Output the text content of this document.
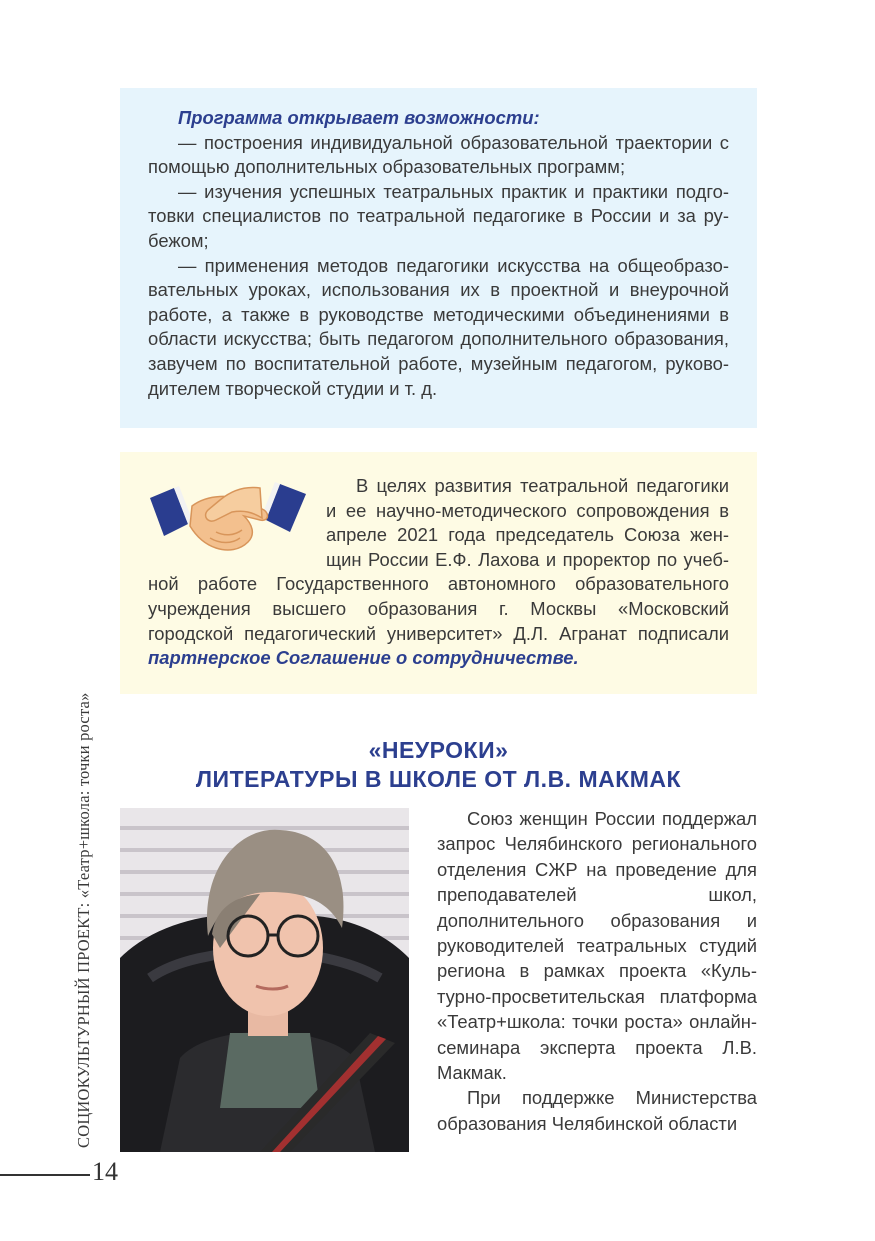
Программа открывает возможности:

— построения индивидуальной образовательной траектории с помощью дополнительных образовательных программ;

— изучения успешных театральных практик и практики подготовки специалистов по театральной педагогике в России и за рубежом;

— применения методов педагогики искусства на общеобразовательных уроках, использования их в проектной и внеурочной работе, а также в руководстве методическими объединениями в области искусства; быть педагогом дополнительного образования, завучем по воспитательной работе, музейным педагогом, руководителем творческой студии и т. д.

В целях развития театральной педагогики и ее научно-методического сопровождения в апреле 2021 года председатель Союза женщин России Е.Ф. Лахова и проректор по учебной работе Государственного автономного образовательного учреждения высшего образования г. Москвы «Московский городской педагогический университет» Д.Л. Агранат подписали партнерское Соглашение о сотрудничестве.

«НЕУРОКИ»
ЛИТЕРАТУРЫ В ШКОЛЕ ОТ Л.В. МАКМАК

Союз женщин России поддержал запрос Челябинского регионального отделения СЖР на проведение для преподавателей школ, дополнительного образования и руководителей театральных студий региона в рамках проекта «Культурно-просветительская платформа «Театр+школа: точки роста» онлайн-семинара эксперта проекта Л.В. Макмак.

При поддержке Министерства образования Челябинской области

СОЦИОКУЛЬТУРНЫЙ ПРОЕКТ: «Театр+школа: точки роста»
14
